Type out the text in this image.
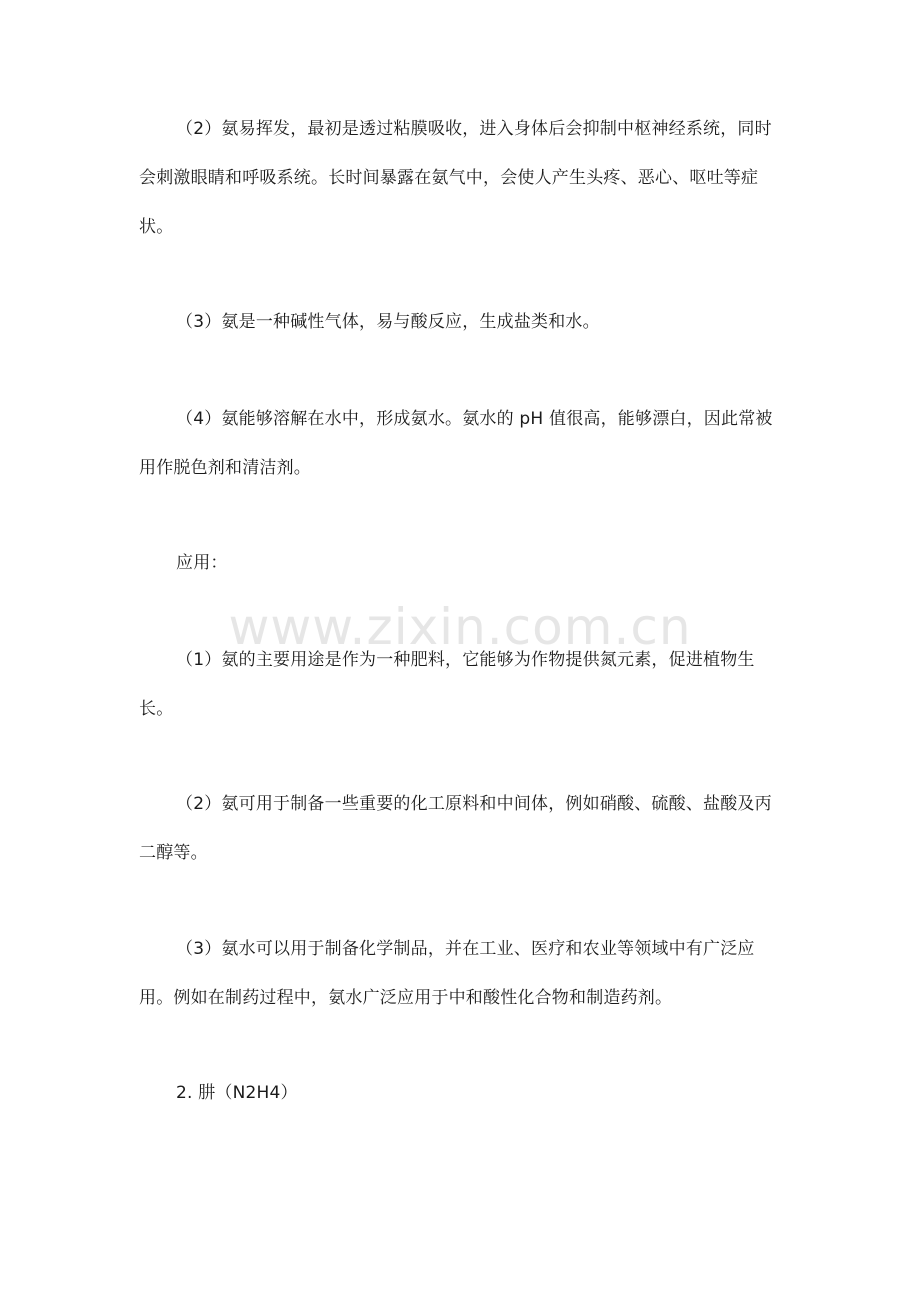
（2）氨易挥发，最初是透过粘膜吸收，进入身体后会抑制中枢神经系统，同时会刺激眼睛和呼吸系统。长时间暴露在氨气中，会使人产生头疼、恶心、呕吐等症状。

（3）氨是一种碱性气体，易与酸反应，生成盐类和水。

（4）氨能够溶解在水中，形成氨水。氨水的 pH 值很高，能够漂白，因此常被用作脱色剂和清洁剂。

应用：

（1）氨的主要用途是作为一种肥料，它能够为作物提供氮元素，促进植物生长。

（2）氨可用于制备一些重要的化工原料和中间体，例如硝酸、硫酸、盐酸及丙二醇等。

（3）氨水可以用于制备化学制品，并在工业、医疗和农业等领域中有广泛应用。例如在制药过程中，氨水广泛应用于中和酸性化合物和制造药剂。

2. 肼（N2H4）

www.zixin.com.cn
